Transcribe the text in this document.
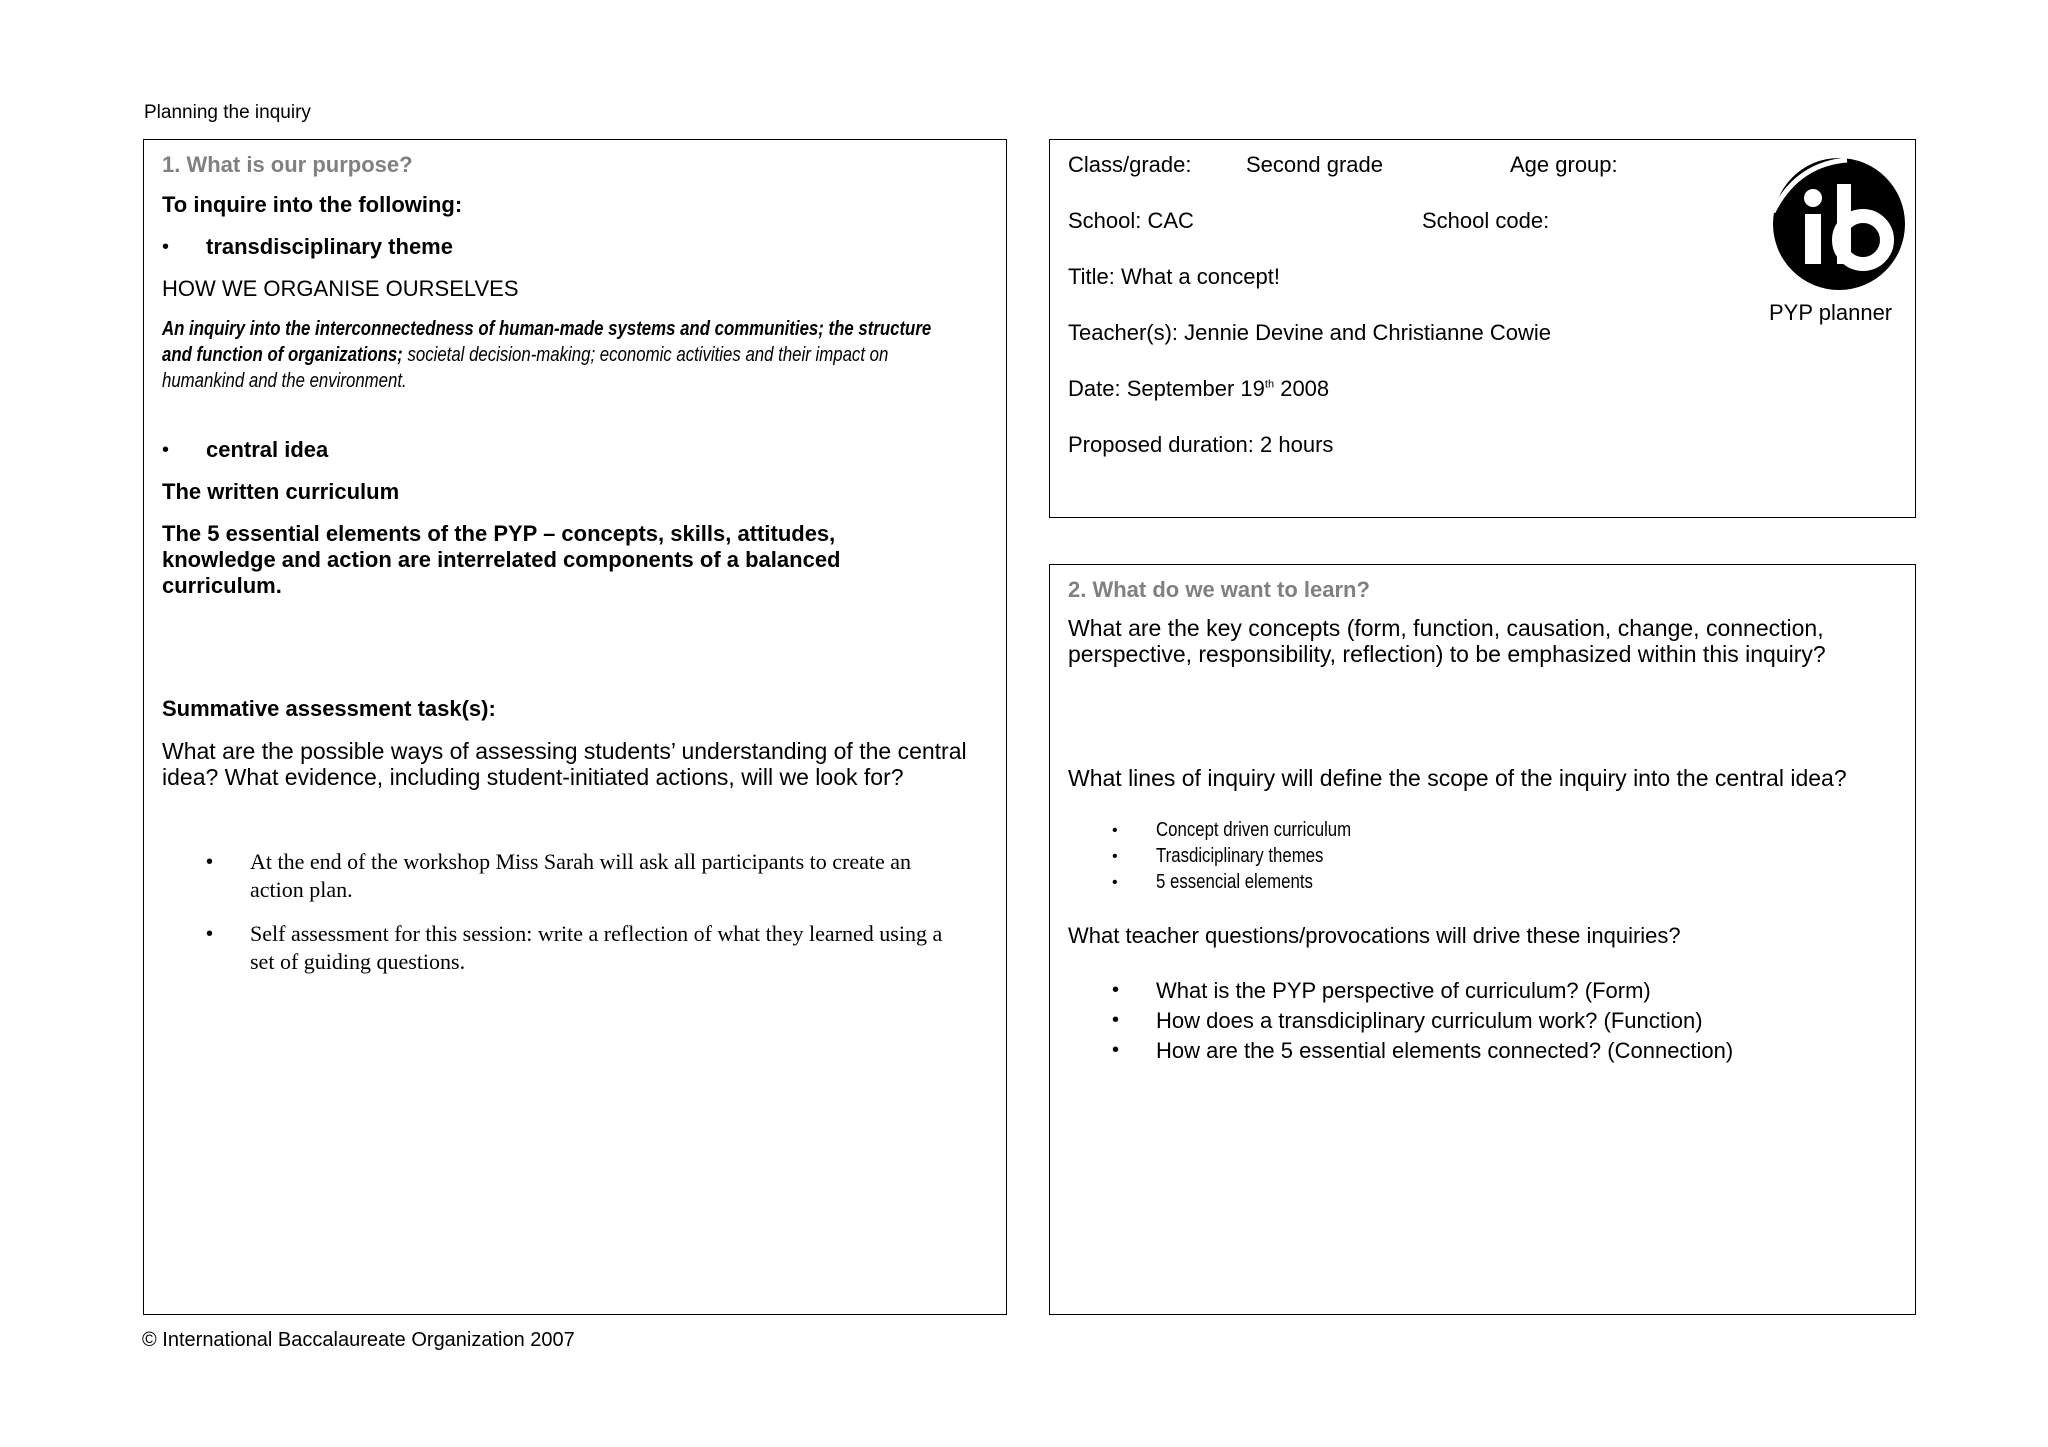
Planning the inquiry
1. What is our purpose?
To inquire into the following:
• transdisciplinary theme
HOW WE ORGANISE OURSELVES
An inquiry into the interconnectedness of human-made systems and communities; the structure
and function of organizations; societal decision-making; economic activities and their impact on
humankind and the environment.
• central idea
The written curriculum
The 5 essential elements of the PYP – concepts, skills, attitudes,
knowledge and action are interrelated components of a balanced
curriculum.
Summative assessment task(s):
What are the possible ways of assessing students’ understanding of the central
idea? What evidence, including student-initiated actions, will we look for?
• At the end of the workshop Miss Sarah will ask all participants to create an
action plan.
• Self assessment for this session: write a reflection of what they learned using a
set of guiding questions.
Class/grade: Second grade	Age group:
School: CAC	School code:
Title: What a concept!
Teacher(s): Jennie Devine and Christianne Cowie
Date: September 19th 2008
Proposed duration: 2 hours
PYP planner
2. What do we want to learn?
What are the key concepts (form, function, causation, change, connection,
perspective, responsibility, reflection) to be emphasized within this inquiry?
What lines of inquiry will define the scope of the inquiry into the central idea?
• Concept driven curriculum
• Trasdiciplinary themes
• 5 essencial elements
What teacher questions/provocations will drive these inquiries?
• What is the PYP perspective of curriculum? (Form)
• How does a transdiciplinary curriculum work? (Function)
• How are the 5 essential elements connected? (Connection)
© International Baccalaureate Organization 2007
